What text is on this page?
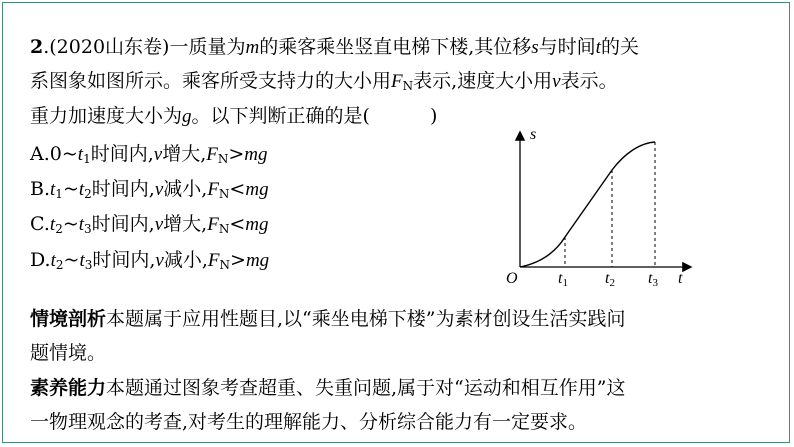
2.(2020山东卷)一质量为m的乘客乘坐竖直电梯下楼,其位移s与时间t的关
系图象如图所示。乘客所受支持力的大小用$F_N$表示,速度大小用v表示。
重力加速度大小为g。以下判断正确的是(	)
$A.0\sim t_1$时间内,v增大$,F_N>mg$
$B.t_1\sim t_2$时间内,v减小$,F_N<mg$
$C.t_2\sim t_3$时间内,v增大$,F_N<mg$
$D.t_2\sim t_3$时间内,v减小$,F_N>mg$
s
t
O	t1 t2 t3
情境剖析本题属于应用性题目,以“乘坐电梯下楼”为素材创设生活实践问
题情境。
素养能力本题通过图象考查超重、失重问题,属于对“运动和相互作用”这
一物理观念的考查,对考生的理解能力、分析综合能力有一定要求。
